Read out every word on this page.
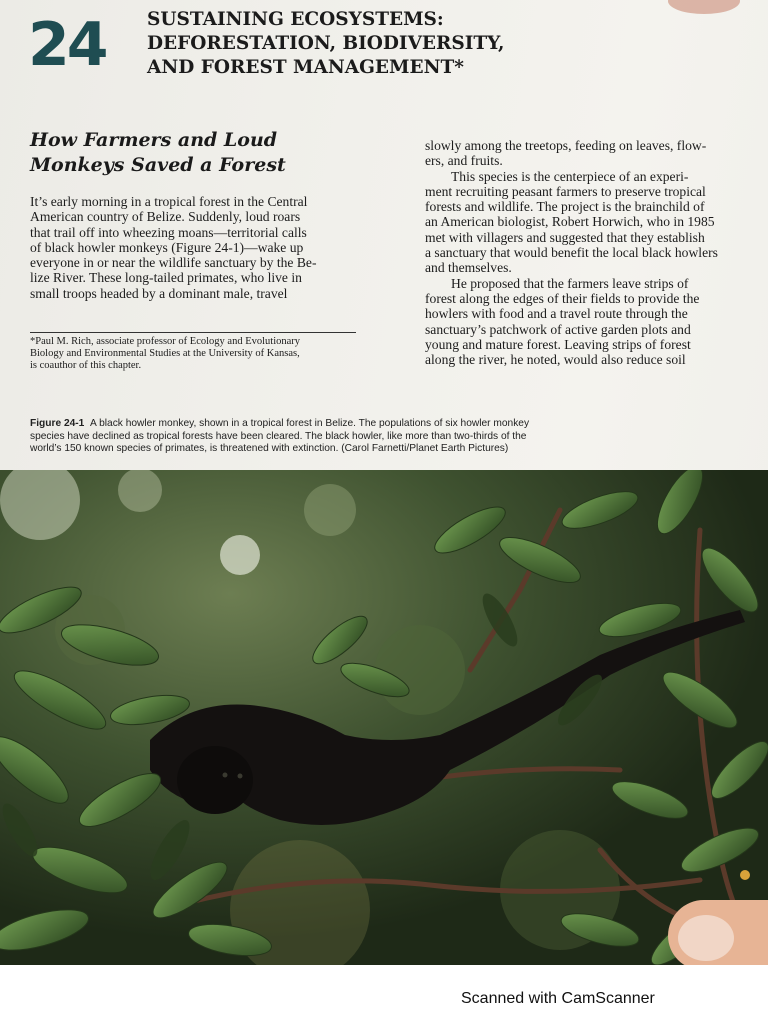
24	SUSTAINING ECOSYSTEMS:
DEFORESTATION, BIODIVERSITY,
AND FOREST MANAGEMENT*
How Farmers and Loud
Monkeys Saved a Forest
It’s early morning in a tropical forest in the Central
American country of Belize. Suddenly, loud roars
that trail off into wheezing moans—territorial calls
of black howler monkeys (Figure 24-1)—wake up
everyone in or near the wildlife sanctuary by the Be-
lize River. These long-tailed primates, who live in
small troops headed by a dominant male, travel
*Paul M. Rich, associate professor of Ecology and Evolutionary
Biology and Environmental Studies at the University of Kansas,
is coauthor of this chapter.
slowly among the treetops, feeding on leaves, flow-
ers, and fruits.
This species is the centerpiece of an experi-
ment recruiting peasant farmers to preserve tropical
forests and wildlife. The project is the brainchild of
an American biologist, Robert Horwich, who in 1985
met with villagers and suggested that they establish
a sanctuary that would benefit the local black howlers
and themselves.
He proposed that the farmers leave strips of
forest along the edges of their fields to provide the
howlers with food and a travel route through the
sanctuary’s patchwork of active garden plots and
young and mature forest. Leaving strips of forest
along the river, he noted, would also reduce soil
Figure 24-1 A black howler monkey, shown in a tropical forest in Belize. The populations of six howler monkey
species have declined as tropical forests have been cleared. The black howler, like more than two-thirds of the
world’s 150 known species of primates, is threatened with extinction. (Carol Farnetti/Planet Earth Pictures)
Scanned with CamScanner
